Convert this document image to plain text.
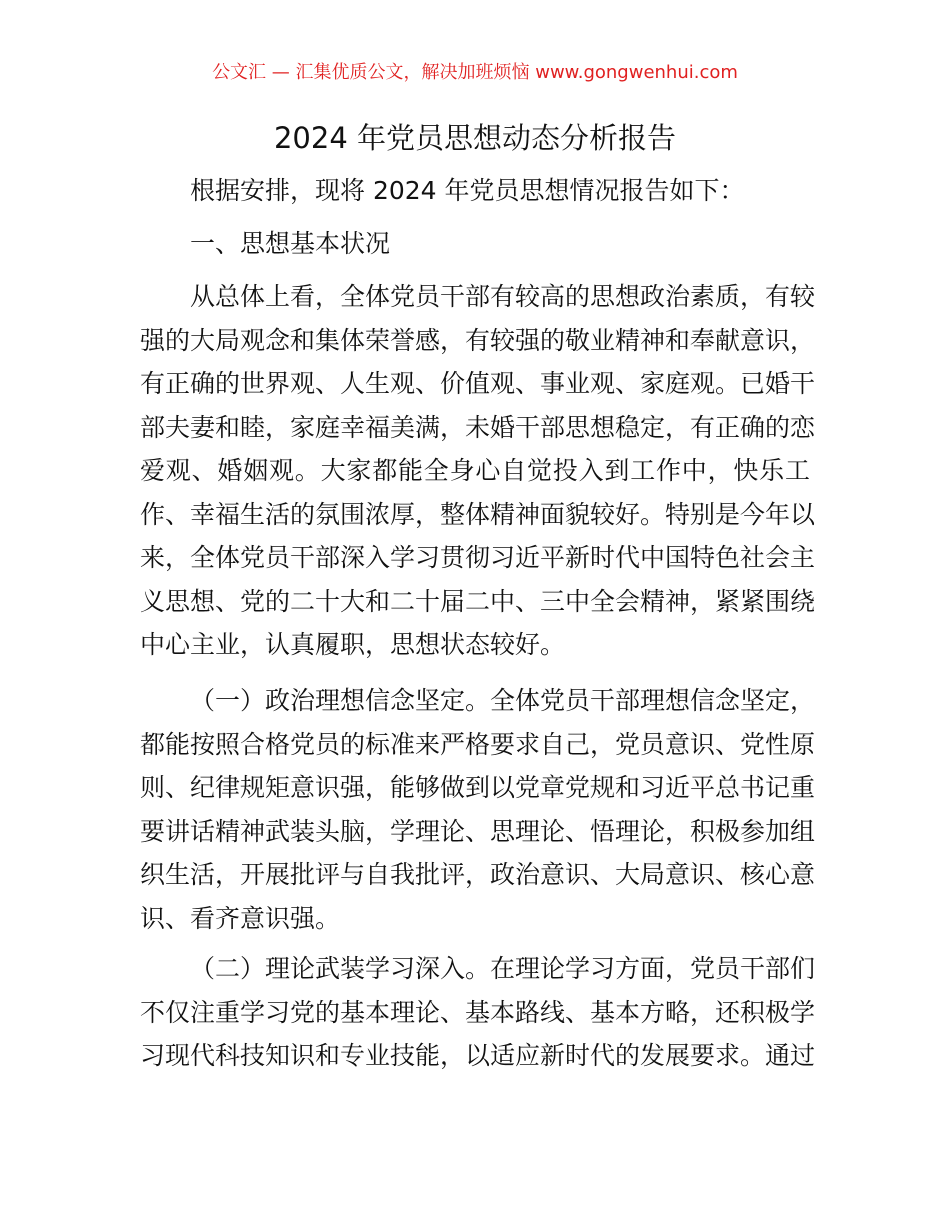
公文汇 — 汇集优质公文，解决加班烦恼 www.gongwenhui.com
2024 年党员思想动态分析报告
根据安排，现将 2024 年党员思想情况报告如下：
一、思想基本状况
从总体上看，全体党员干部有较高的思想政治素质，有较
强的大局观念和集体荣誉感，有较强的敬业精神和奉献意识，
有正确的世界观、人生观、价值观、事业观、家庭观。已婚干
部夫妻和睦，家庭幸福美满，未婚干部思想稳定，有正确的恋
爱观、婚姻观。大家都能全身心自觉投入到工作中，快乐工
作、幸福生活的氛围浓厚，整体精神面貌较好。特别是今年以
来，全体党员干部深入学习贯彻习近平新时代中国特色社会主
义思想、党的二十大和二十届二中、三中全会精神，紧紧围绕
中心主业，认真履职，思想状态较好。
（一）政治理想信念坚定。全体党员干部理想信念坚定，
都能按照合格党员的标准来严格要求自己，党员意识、党性原
则、纪律规矩意识强，能够做到以党章党规和习近平总书记重
要讲话精神武装头脑，学理论、思理论、悟理论，积极参加组
织生活，开展批评与自我批评，政治意识、大局意识、核心意
识、看齐意识强。
（二）理论武装学习深入。在理论学习方面，党员干部们
不仅注重学习党的基本理论、基本路线、基本方略，还积极学
习现代科技知识和专业技能，以适应新时代的发展要求。通过
